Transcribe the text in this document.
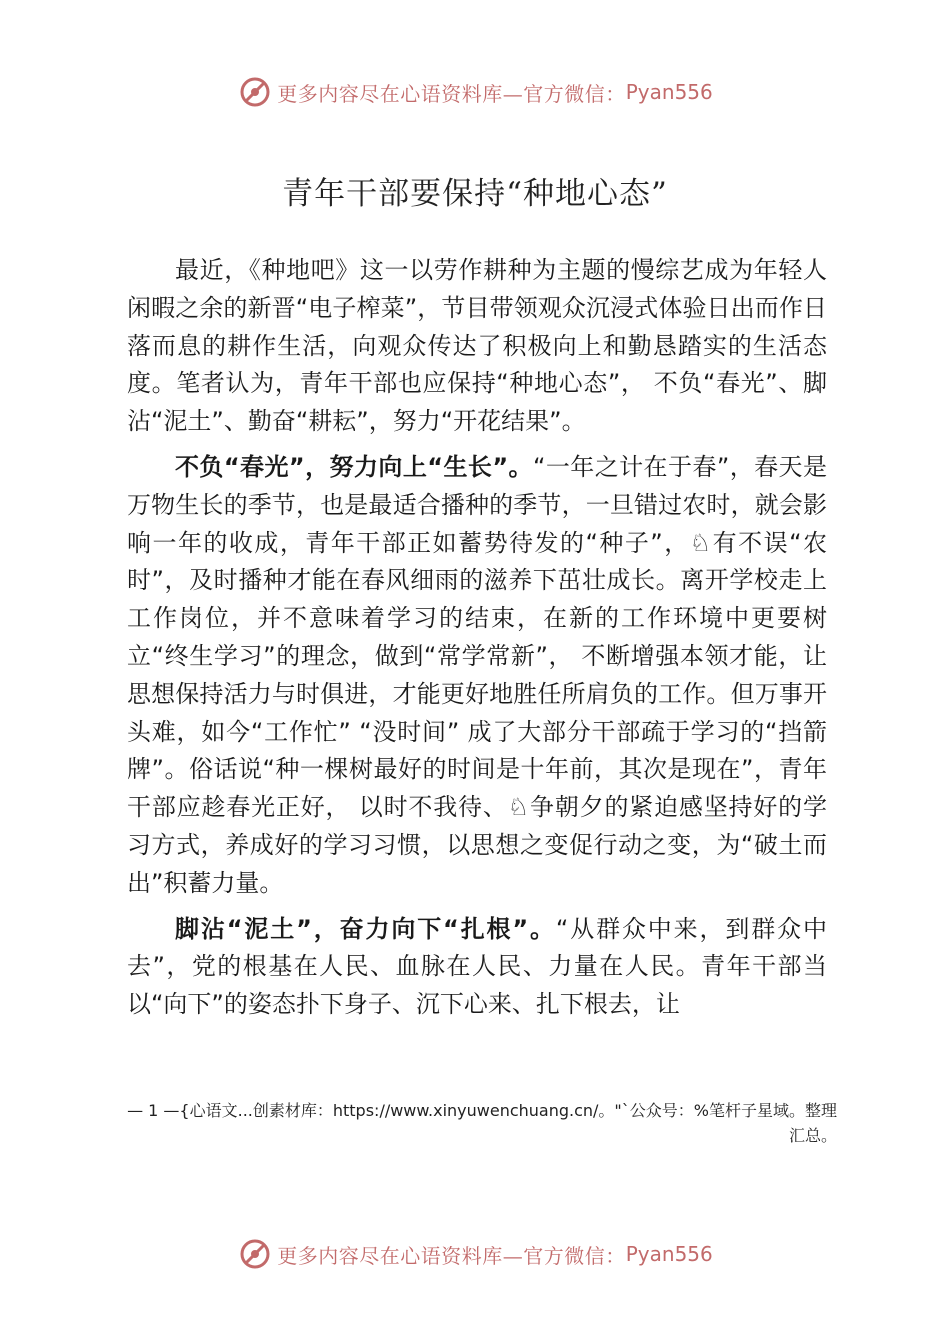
更多内容尽在心语资料库—官方微信： Pyan556
青年干部要保持“种地心态”

最近，《种地吧》这一以劳作耕种为主题的慢综艺成为年轻人闲暇之余的新晋“电子榨菜”，节目带领观众沉浸式体验日出而作日落而息的耕作生活，向观众传达了积极向上和勤恳踏实的生活态度。笔者认为，青年干部也应保持“种地心态”， 不负“春光”、脚沾“泥土”、勤奋“耕耘”，努力“开花结果”。

不负“春光”，努力向上“生长”。“一年之计在于春”，春天是万物生长的季节，也是最适合播种的季节，一旦错过农时，就会影响一年的收成，青年干部正如蓄势待发的“种子”，♘有不误“农时”，及时播种才能在春风细雨的滋养下茁壮成长。离开学校走上工作岗位，并不意味着学习的结束，在新的工作环境中更要树立“终生学习”的理念，做到“常学常新”， 不断增强本领才能，让思想保持活力与时俱进，才能更好地胜任所肩负的工作。但万事开头难，如今“工作忙” “没时间” 成了大部分干部疏于学习的“挡箭牌”。俗话说“种一棵树最好的时间是十年前，其次是现在”，青年干部应趁春光正好， 以时不我待、♘争朝夕的紧迫感坚持好的学习方式，养成好的学习习惯，以思想之变促行动之变，为“破土而出”积蓄力量。

脚沾“泥土”，奋力向下“扎根”。“从群众中来，到群众中去”，党的根基在人民、血脉在人民、力量在人民。青年干部当以“向下”的姿态扑下身子、沉下心来、扎下根去，让

— 1 —{心语文...创素材库：https://www.xinyuwenchuang.cn/。"`公众号：%笔杆子星域。整理汇总。
更多内容尽在心语资料库—官方微信： Pyan556
